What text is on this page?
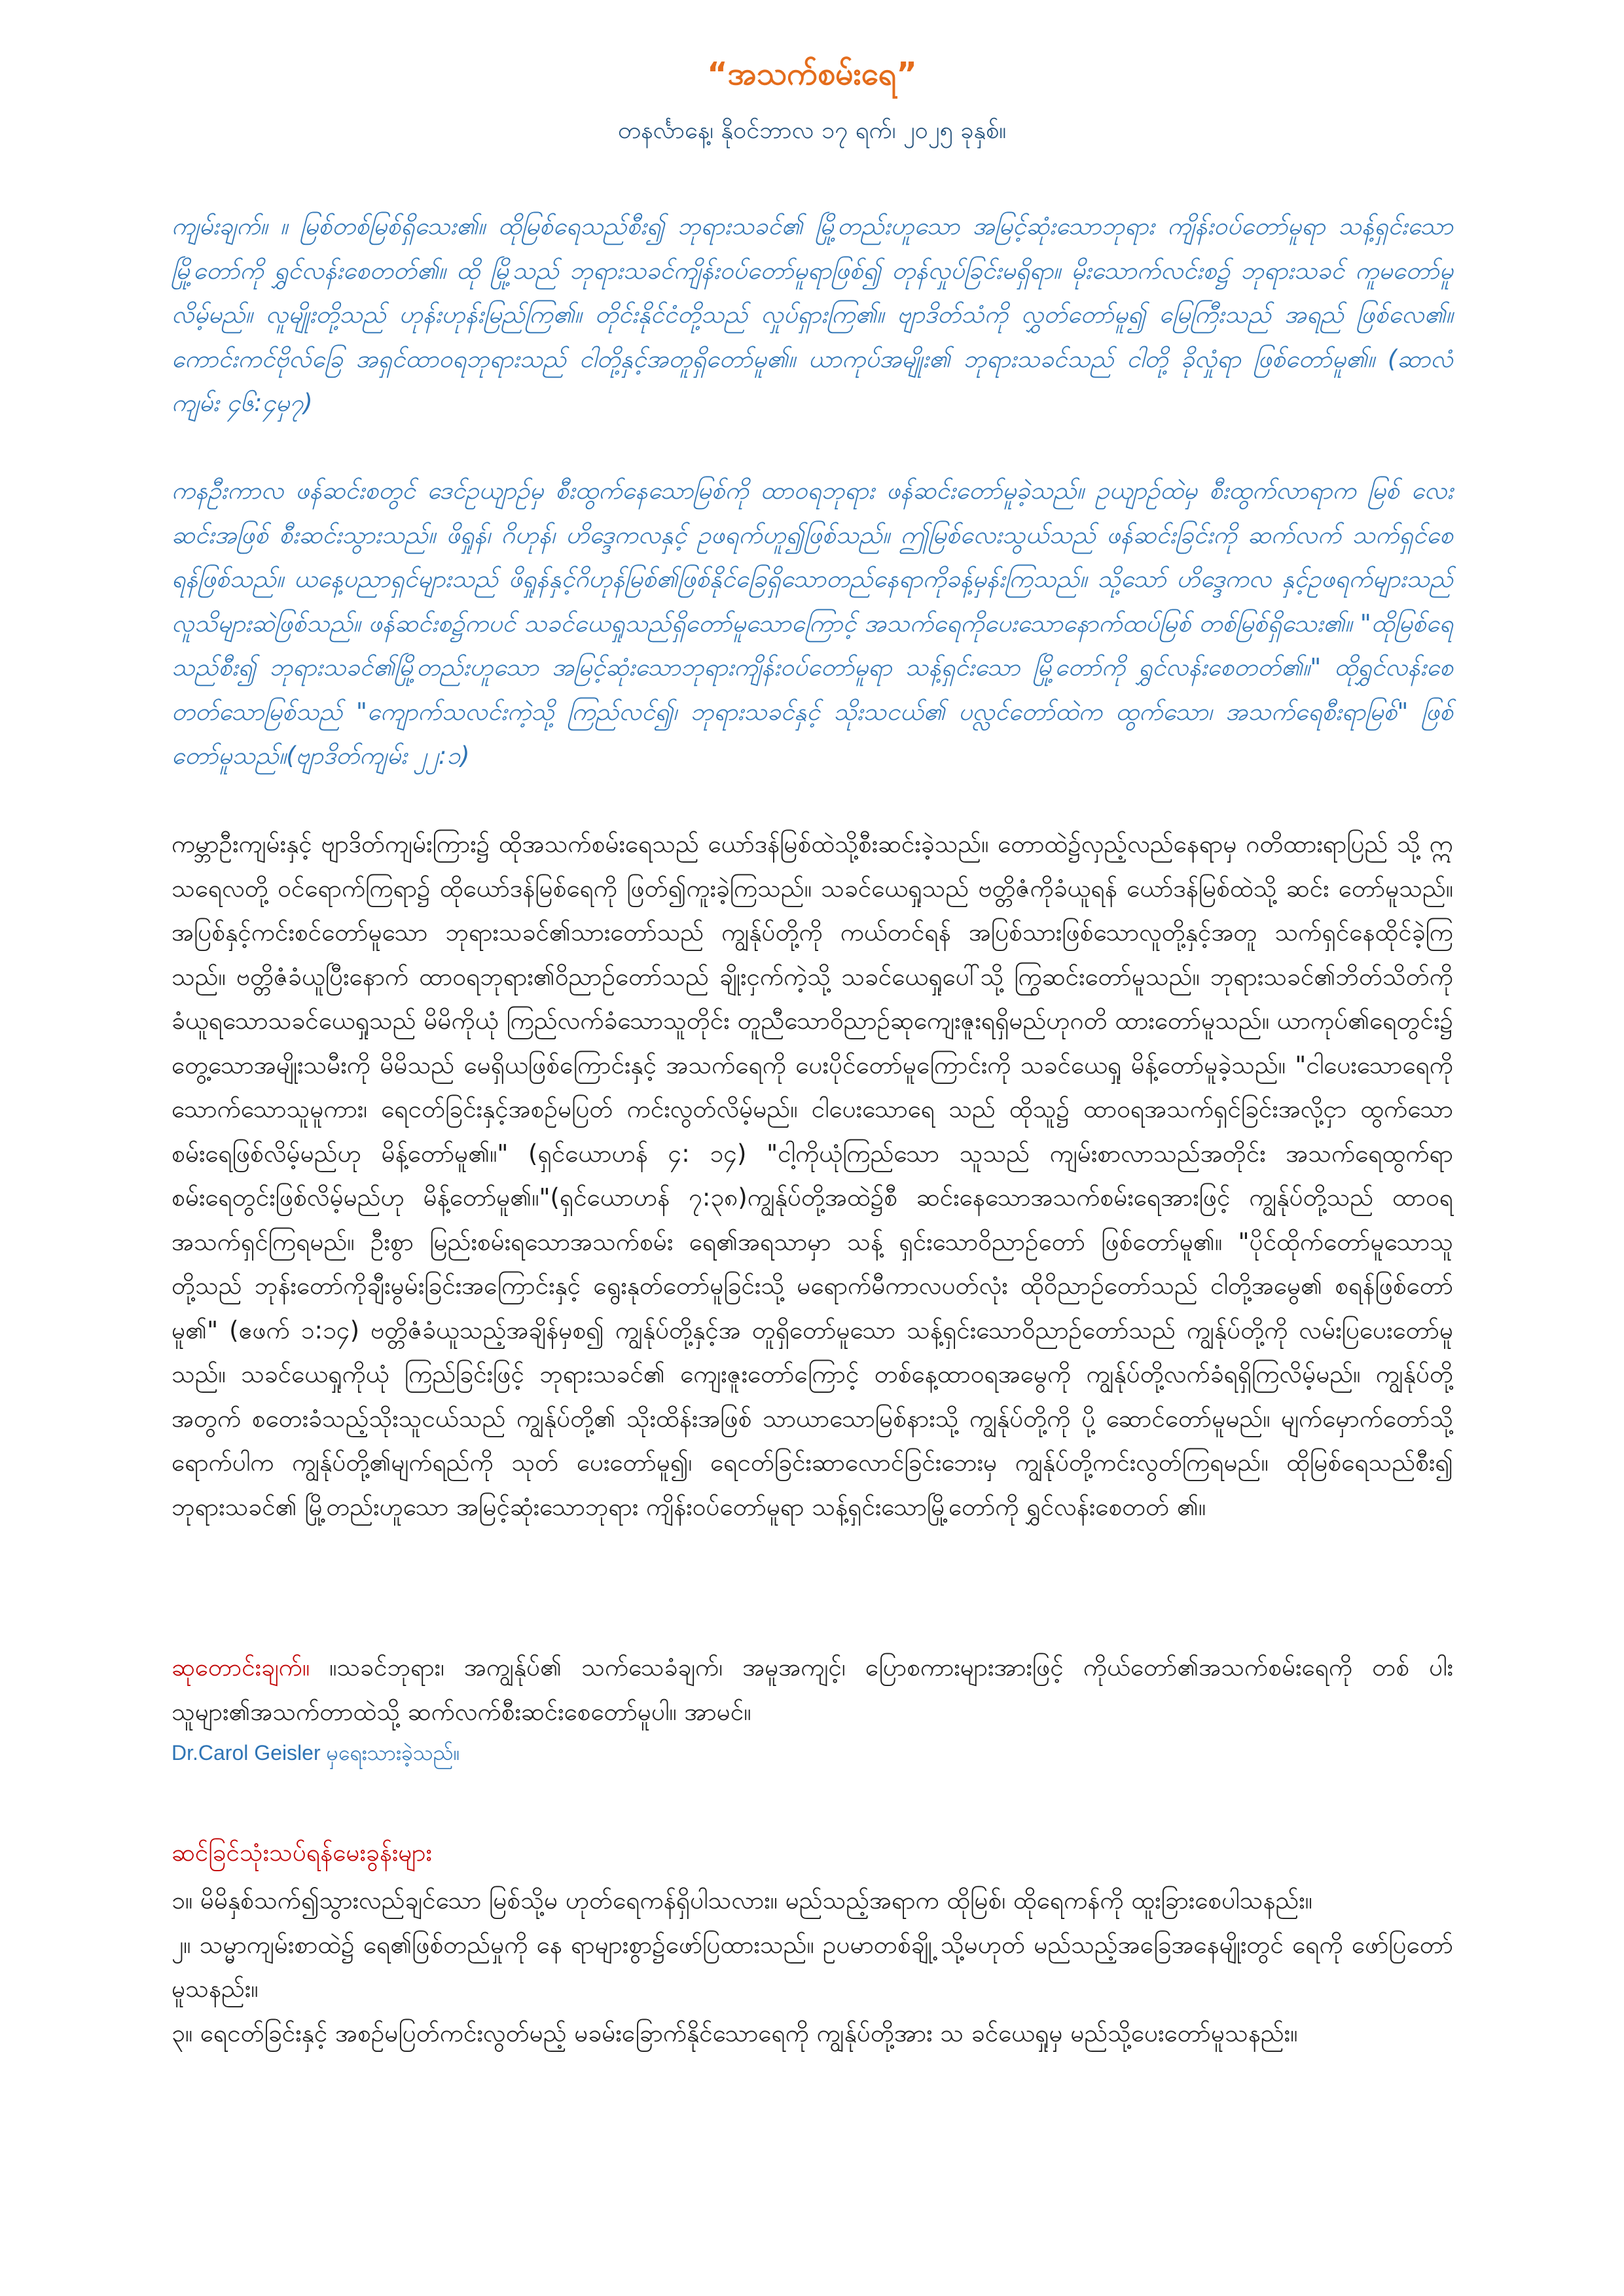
“အသက်စမ်းရေ”
တနင်္လာနေ့၊ နိုဝင်ဘာလ ၁၇ ရက်၊ ၂၀၂၅ ခုနှစ်။

ကျမ်းချက်။ ။ မြစ်တစ်မြစ်ရှိသေး၏။ ထိုမြစ်ရေသည်စီး၍ ဘုရားသခင်၏ မြို့တည်းဟူသော အမြင့်ဆုံးသောဘုရား ကျိန်းဝပ်တော်မူရာ သန့်ရှင်းသောမြို့တော်ကို ရွှင်လန်းစေတတ်၏။ ထို မြို့သည် ဘုရားသခင်ကျိန်းဝပ်တော်မူရာဖြစ်၍ တုန်လှုပ်ခြင်းမရှိရာ။ မိုးသောက်လင်းစ၌ ဘုရားသခင် ကူမတော်မူလိမ့်မည်။ လူမျိုးတို့သည် ဟုန်းဟုန်းမြည်ကြ၏။ တိုင်းနိုင်ငံတို့သည် လှုပ်ရှားကြ၏။ ဗျာဒိတ်သံကို လွှတ်တော်မူ၍ မြေကြီးသည် အရည် ဖြစ်လေ၏။ ကောင်းကင်ဗိုလ်ခြေ အရှင်ထာဝရဘုရားသည် ငါတို့နှင့်အတူရှိတော်မူ၏။ ယာကုပ်အမျိုး၏ ဘုရားသခင်သည် ငါတို့ ခိုလှုံရာ ဖြစ်တော်မူ၏။ (ဆာလံကျမ်း ၄၆:၄မှ၇)

ကနဦးကာလ ဖန်ဆင်းစတွင် ဒေင်ဥယျာဉ်မှ စီးထွက်နေသောမြစ်ကို ထာဝရဘုရား ဖန်ဆင်းတော်မူခဲ့သည်။ ဥယျာဉ်ထဲမှ စီးထွက်လာရာက မြစ် လေးဆင်းအဖြစ် စီးဆင်းသွားသည်။ ဖိရှုန်၊ ဂိဟုန်၊ ဟိဒ္ဒေကလနှင့် ဥဖရက်ဟူ၍ဖြစ်သည်။ ဤမြစ်လေးသွယ်သည် ဖန်ဆင်းခြင်းကို ဆက်လက် သက်ရှင်စေရန်ဖြစ်သည်။ ယနေ့ပညာရှင်များသည် ဖိရှုန်နှင့်ဂိဟုန်မြစ်၏ဖြစ်နိုင်ခြေရှိသောတည်နေရာကိုခန့်မှန်းကြသည်။ သို့သော် ဟိဒ္ဒေကလ နှင့်ဥဖရက်များသည် လူသိများဆဲဖြစ်သည်။ ဖန်ဆင်းစ၌ကပင် သခင်ယေရှုသည်ရှိတော်မူသောကြောင့် အသက်ရေကိုပေးသောနောက်ထပ်မြစ် တစ်မြစ်ရှိသေး၏။ "ထိုမြစ်ရေသည်စီး၍ ဘုရားသခင်၏မြို့တည်းဟူသော အမြင့်ဆုံးသောဘုရားကျိန်းဝပ်တော်မူရာ သန့်ရှင်းသော မြို့တော်ကို ရွှင်လန်းစေတတ်၏။" ထိုရွှင်လန်းစေတတ်သောမြစ်သည် "ကျောက်သလင်းကဲ့သို့ ကြည်လင်၍၊ ဘုရားသခင်နှင့် သိုးသငယ်၏ ပလ္လင်တော်ထဲက ထွက်သော၊ အသက်ရေစီးရာမြစ်" ဖြစ်တော်မူသည်။(ဗျာဒိတ်ကျမ်း ၂၂:၁)

ကမ္ဘာဦးကျမ်းနှင့် ဗျာဒိတ်ကျမ်းကြား၌ ထိုအသက်စမ်းရေသည် ယော်ဒန်မြစ်ထဲသို့စီးဆင်းခဲ့သည်။ တောထဲ၌လှည့်လည်နေရာမှ ဂတိထားရာပြည် သို့ ဣသရေလတို့ ဝင်ရောက်ကြရာ၌ ထိုယော်ဒန်မြစ်ရေကို ဖြတ်၍ကူးခဲ့ကြသည်။ သခင်ယေရှုသည် ဗတ္တိဇံကိုခံယူရန် ယော်ဒန်မြစ်ထဲသို့ ဆင်း တော်မူသည်။ အပြစ်နှင့်ကင်းစင်တော်မူသော ဘုရားသခင်၏သားတော်သည် ကျွန်ုပ်တို့ကို ကယ်တင်ရန် အပြစ်သားဖြစ်သောလူတို့နှင့်အတူ သက်ရှင်နေထိုင်ခဲ့ကြသည်။ ဗတ္တိဇံခံယူပြီးနောက် ထာဝရဘုရား၏ဝိညာဉ်တော်သည် ချိုးငှက်ကဲ့သို့ သခင်ယေရှုပေါ်သို့ ကြွဆင်းတော်မူသည်။ ဘုရားသခင်၏ဘိတ်သိတ်ကိုခံယူရသောသခင်ယေရှုသည် မိမိကိုယုံ ကြည်လက်ခံသောသူတိုင်း တူညီသောဝိညာဉ်ဆုကျေးဇူးရရှိမည်ဟုဂတိ ထားတော်မူသည်။ ယာကုပ်၏ရေတွင်း၌ တွေ့သောအမျိုးသမီးကို မိမိသည် မေရှိယဖြစ်ကြောင်းနှင့် အသက်ရေကို ပေးပိုင်တော်မူကြောင်းကို သခင်ယေရှု မိန့်တော်မူခဲ့သည်။ "ငါပေးသောရေကို သောက်သောသူမူကား၊ ရေငတ်ခြင်းနှင့်အစဉ်မပြတ် ကင်းလွတ်လိမ့်မည်။ ငါပေးသောရေ သည် ထိုသူ၌ ထာဝရအသက်ရှင်ခြင်းအလို့ငှာ ထွက်သောစမ်းရေဖြစ်လိမ့်မည်ဟု မိန့်တော်မူ၏။" (ရှင်ယောဟန် ၄: ၁၄) "ငါ့ကိုယုံကြည်သော သူသည် ကျမ်းစာလာသည်အတိုင်း အသက်ရေထွက်ရာ စမ်းရေတွင်းဖြစ်လိမ့်မည်ဟု မိန့်တော်မူ၏။"(ရှင်ယောဟန် ၇:၃၈)ကျွန်ုပ်တို့အထဲ၌စီ ဆင်းနေသောအသက်စမ်းရေအားဖြင့် ကျွန်ုပ်တို့သည် ထာဝရအသက်ရှင်ကြရမည်။ ဦးစွာ မြည်းစမ်းရသောအသက်စမ်း ရေ၏အရသာမှာ သန့် ရှင်းသောဝိညာဉ်တော် ဖြစ်တော်မူ၏။ "ပိုင်ထိုက်တော်မူသောသူတို့သည် ဘုန်းတော်ကိုချီးမွမ်းခြင်းအကြောင်းနှင့် ရွေးနုတ်တော်မူခြင်းသို့ မရောက်မီကာလပတ်လုံး ထိုဝိညာဉ်တော်သည် ငါတို့အမွေ၏ စရန်ဖြစ်တော်မူ၏" (ဧဖက် ၁:၁၄) ဗတ္တိဇံခံယူသည့်အချိန်မှစ၍ ကျွန်ုပ်တို့နှင့်အ တူရှိတော်မူသော သန့်ရှင်းသောဝိညာဉ်တော်သည် ကျွန်ုပ်တို့ကို လမ်းပြပေးတော်မူသည်။ သခင်ယေရှုကိုယုံ ကြည်ခြင်းဖြင့် ဘုရားသခင်၏ ကျေးဇူးတော်ကြောင့် တစ်နေ့ထာဝရအမွေကို ကျွန်ုပ်တို့လက်ခံရရှိကြလိမ့်မည်။ ကျွန်ုပ်တို့အတွက် စတေးခံသည့်သိုးသူငယ်သည် ကျွန်ုပ်တို့၏ သိုးထိန်းအဖြစ် သာယာသောမြစ်နားသို့ ကျွန်ုပ်တို့ကို ပို့ ဆောင်တော်မူမည်။ မျက်မှောက်တော်သို့ ရောက်ပါက ကျွန်ုပ်တို့၏မျက်ရည်ကို သုတ် ပေးတော်မူ၍၊ ရေငတ်ခြင်းဆာလောင်ခြင်းဘေးမှ ကျွန်ုပ်တို့ကင်းလွတ်ကြရမည်။ ထိုမြစ်ရေသည်စီး၍ ဘုရားသခင်၏ မြို့တည်းဟူသော အမြင့်ဆုံးသောဘုရား ကျိန်းဝပ်တော်မူရာ သန့်ရှင်းသောမြို့တော်ကို ရွှင်လန်းစေတတ် ၏။

ဆုတောင်းချက်။ ။သခင်ဘုရား၊ အကျွန်ုပ်၏ သက်သေခံချက်၊ အမူအကျင့်၊ ပြောစကားများအားဖြင့် ကိုယ်တော်၏အသက်စမ်းရေကို တစ် ပါးသူများ၏အသက်တာထဲသို့ ဆက်လက်စီးဆင်းစေတော်မူပါ။ အာမင်။

Dr.Carol Geisler မှရေးသားခဲ့သည်။

ဆင်ခြင်သုံးသပ်ရန်မေးခွန်းများ

၁။ မိမိနှစ်သက်၍သွားလည်ချင်သော မြစ်သို့မ ဟုတ်ရေကန်ရှိပါသလား။ မည်သည့်အရာက ထိုမြစ်၊ ထိုရေကန်ကို ထူးခြားစေပါသနည်း။
၂။ သမ္မာကျမ်းစာထဲ၌ ရေ၏ဖြစ်တည်မှုကို နေ ရာများစွာ၌ဖော်ပြထားသည်။ ဥပမာတစ်ချို့ သို့မဟုတ် မည်သည့်အခြေအနေမျိုးတွင် ရေကို ဖော်ပြတော်မူသနည်း။
၃။ ရေငတ်ခြင်းနှင့် အစဉ်မပြတ်ကင်းလွတ်မည့် မခမ်းခြောက်နိုင်သောရေကို ကျွန်ုပ်တို့အား သ ခင်ယေရှုမှ မည်သို့ပေးတော်မူသနည်း။
